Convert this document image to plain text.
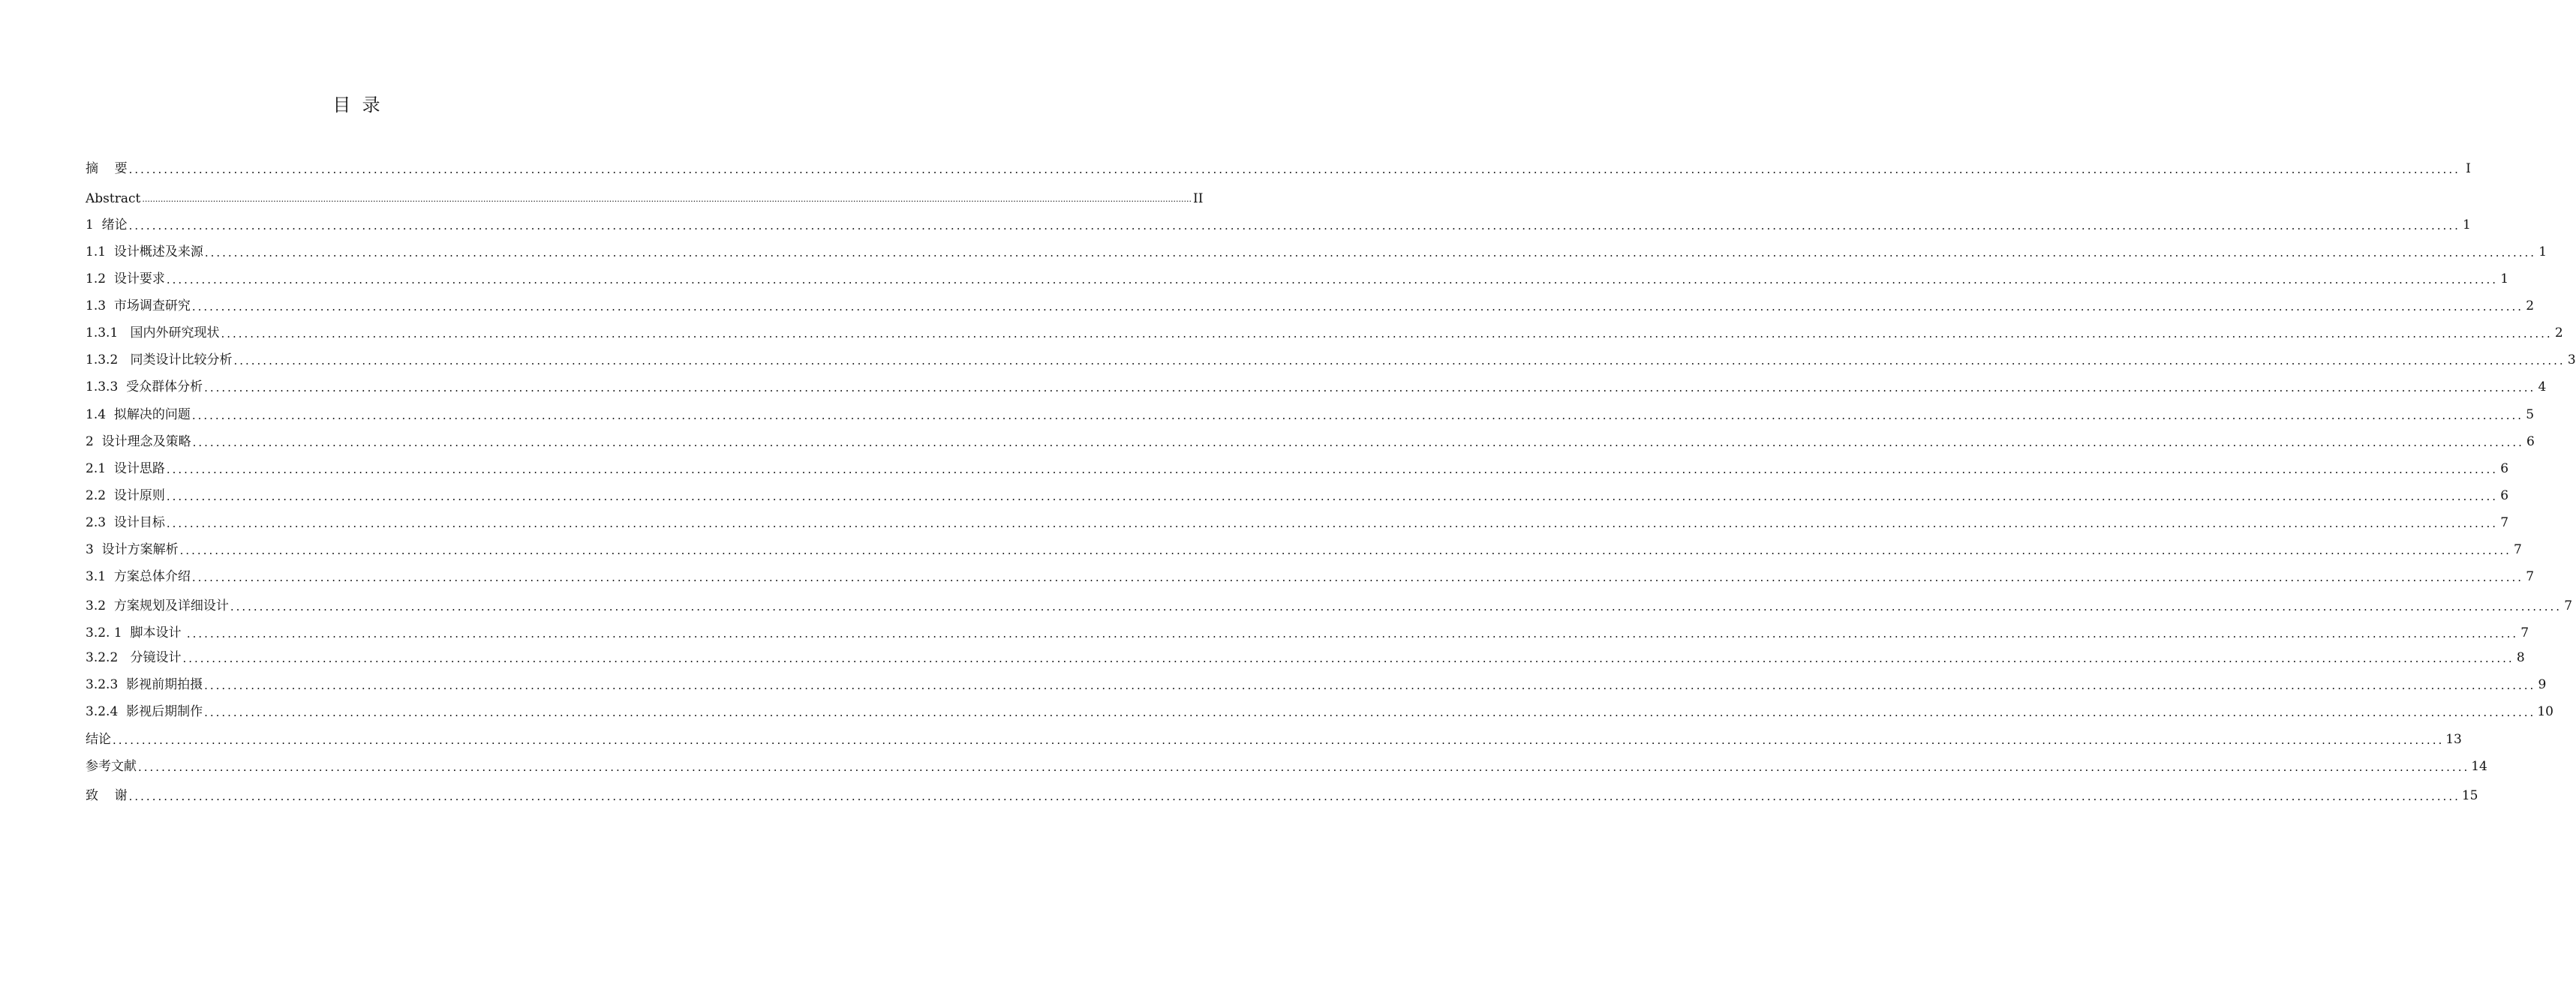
目  录
摘    要 ................................................................................................................................................................................................................................................................................................................................................................................................................ I
Abstract ................................................................................................................................................................................................................................................................................................................................................................................................................ II
1  绪论 ................................................................................................................................................................................................................................................................................................................................................................................................................ 1
1.1  设计概述及来源 ................................................................................................................................................................................................................................................................................................................................................................................................................ 1
1.2  设计要求 ................................................................................................................................................................................................................................................................................................................................................................................................................ 1
1.3  市场调查研究 ................................................................................................................................................................................................................................................................................................................................................................................................................ 2
1.3.1   国内外研究现状 ................................................................................................................................................................................................................................................................................................................................................................................................................ 2
1.3.2   同类设计比较分析 ................................................................................................................................................................................................................................................................................................................................................................................................................ 3
1.3.3  受众群体分析 ................................................................................................................................................................................................................................................................................................................................................................................................................ 4
1.4  拟解决的问题 ................................................................................................................................................................................................................................................................................................................................................................................................................ 5
2  设计理念及策略 ................................................................................................................................................................................................................................................................................................................................................................................................................ 6
2.1  设计思路 ................................................................................................................................................................................................................................................................................................................................................................................................................ 6
2.2  设计原则 ................................................................................................................................................................................................................................................................................................................................................................................................................ 6
2.3  设计目标 ................................................................................................................................................................................................................................................................................................................................................................................................................ 7
3  设计方案解析 ................................................................................................................................................................................................................................................................................................................................................................................................................ 7
3.1  方案总体介绍 ................................................................................................................................................................................................................................................................................................................................................................................................................ 7
3.2  方案规划及详细设计 ................................................................................................................................................................................................................................................................................................................................................................................................................ 7
3.2. 1  脚本设计 ................................................................................................................................................................................................................................................................................................................................................................................................................ 7
3.2.2   分镜设计 ................................................................................................................................................................................................................................................................................................................................................................................................................ 8
3.2.3  影视前期拍摄 ................................................................................................................................................................................................................................................................................................................................................................................................................ 9
3.2.4  影视后期制作 ................................................................................................................................................................................................................................................................................................................................................................................................................ 10
结论 ................................................................................................................................................................................................................................................................................................................................................................................................................ 13
参考文献 ................................................................................................................................................................................................................................................................................................................................................................................................................ 14
致    谢 ................................................................................................................................................................................................................................................................................................................................................................................................................ 15
